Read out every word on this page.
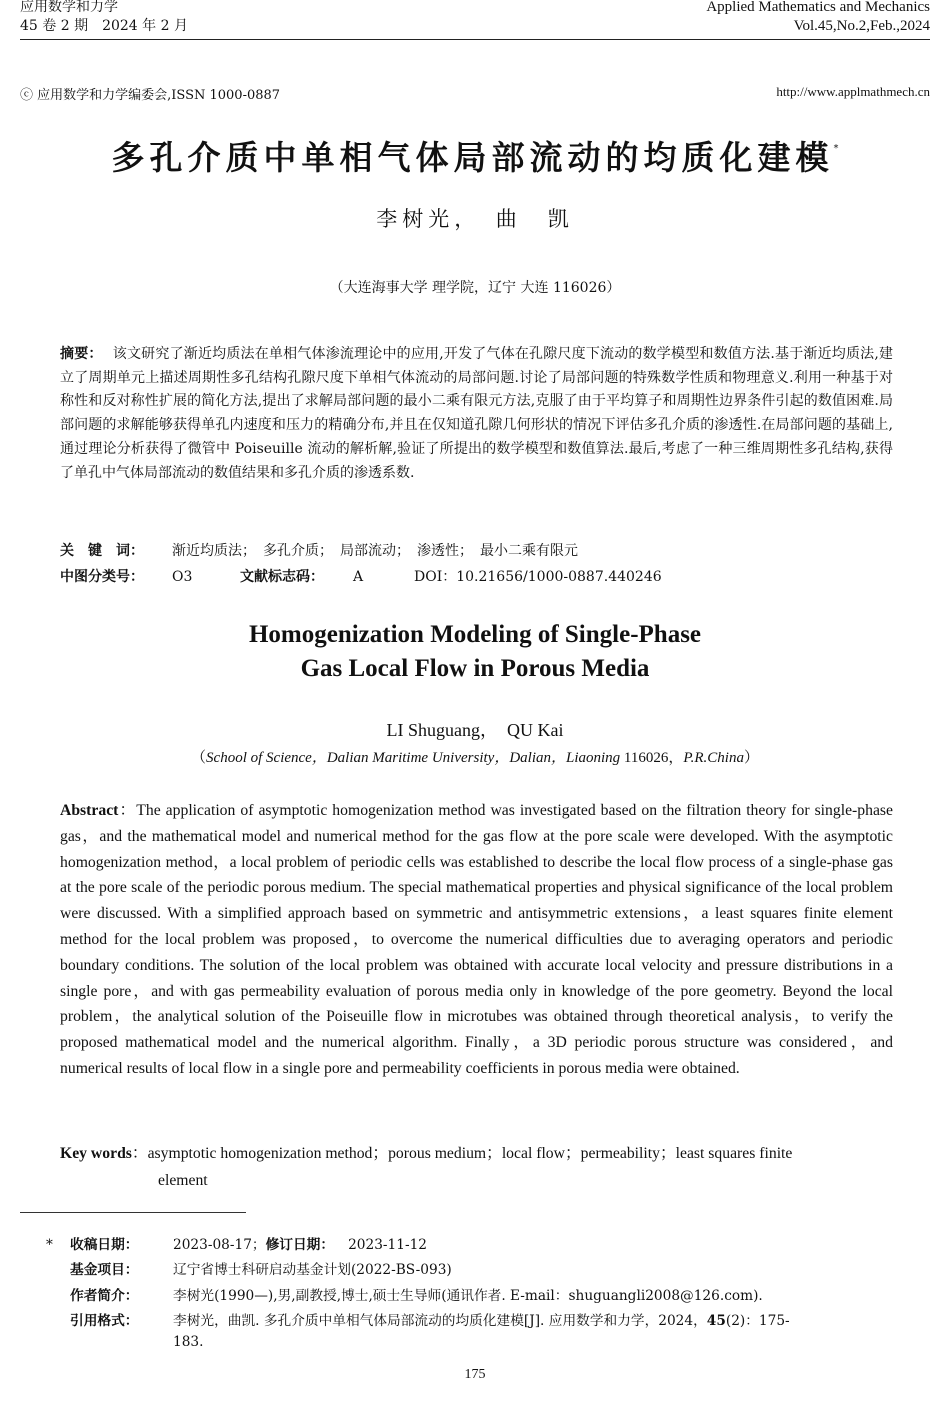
应用数学和力学
45 卷 2 期　2024 年 2 月
Applied Mathematics and Mechanics
Vol.45,No.2,Feb.,2024
ⓒ 应用数学和力学编委会,ISSN 1000-0887	http://www.applmathmech.cn
多孔介质中单相气体局部流动的均质化建模*
李树光，　曲　凯
（大连海事大学 理学院，辽宁 大连 116026）
摘要： 该文研究了渐近均质法在单相气体渗流理论中的应用,开发了气体在孔隙尺度下流动的数学模型和数值方法.基于渐近均质法,建立了周期单元上描述周期性多孔结构孔隙尺度下单相气体流动的局部问题.讨论了局部问题的特殊数学性质和物理意义.利用一种基于对称性和反对称性扩展的简化方法,提出了求解局部问题的最小二乘有限元方法,克服了由于平均算子和周期性边界条件引起的数值困难.局部问题的求解能够获得单孔内速度和压力的精确分布,并且在仅知道孔隙几何形状的情况下评估多孔介质的渗透性.在局部问题的基础上,通过理论分析获得了微管中 Poiseuille 流动的解析解,验证了所提出的数学模型和数值算法.最后,考虑了一种三维周期性多孔结构,获得了单孔中气体局部流动的数值结果和多孔介质的渗透系数.
关　键　词： 渐近均质法；　多孔介质；　局部流动；　渗透性；　最小二乘有限元
中图分类号： O3	文献标志码： A	DOI：10.21656/1000-0887.440246
Homogenization Modeling of Single-Phase
Gas Local Flow in Porous Media
LI Shuguang，　QU Kai
（School of Science，Dalian Maritime University，Dalian，Liaoning 116026，P.R.China）
Abstract：The application of asymptotic homogenization method was investigated based on the filtration theory for single-phase gas，and the mathematical model and numerical method for the gas flow at the pore scale were developed. With the asymptotic homogenization method，a local problem of periodic cells was established to describe the local flow process of a single-phase gas at the pore scale of the periodic porous medium. The special mathematical properties and physical significance of the local problem were discussed. With a simplified approach based on symmetric and antisymmetric extensions，a least squares finite element method for the local problem was proposed，to overcome the numerical difficulties due to averaging operators and periodic boundary conditions. The solution of the local problem was obtained with accurate local velocity and pressure distributions in a single pore，and with gas permeability evaluation of porous media only in knowledge of the pore geometry. Beyond the local problem，the analytical solution of the Poiseuille flow in microtubes was obtained through theoretical analysis，to verify the proposed mathematical model and the numerical algorithm. Finally，a 3D periodic porous structure was considered，and numerical results of local flow in a single pore and permeability coefficients in porous media were obtained.
Key words：asymptotic homogenization method；porous medium；local flow；permeability；least squares finite
element
* 收稿日期：	2023-08-17；修订日期： 2023-11-12
基金项目：	辽宁省博士科研启动基金计划(2022-BS-093)
作者简介：	李树光(1990—),男,副教授,博士,硕士生导师(通讯作者. E-mail：shuguangli2008@126.com).
引用格式：	李树光，曲凯. 多孔介质中单相气体局部流动的均质化建模[J]. 应用数学和力学，2024，45(2)：175-
183.
175
